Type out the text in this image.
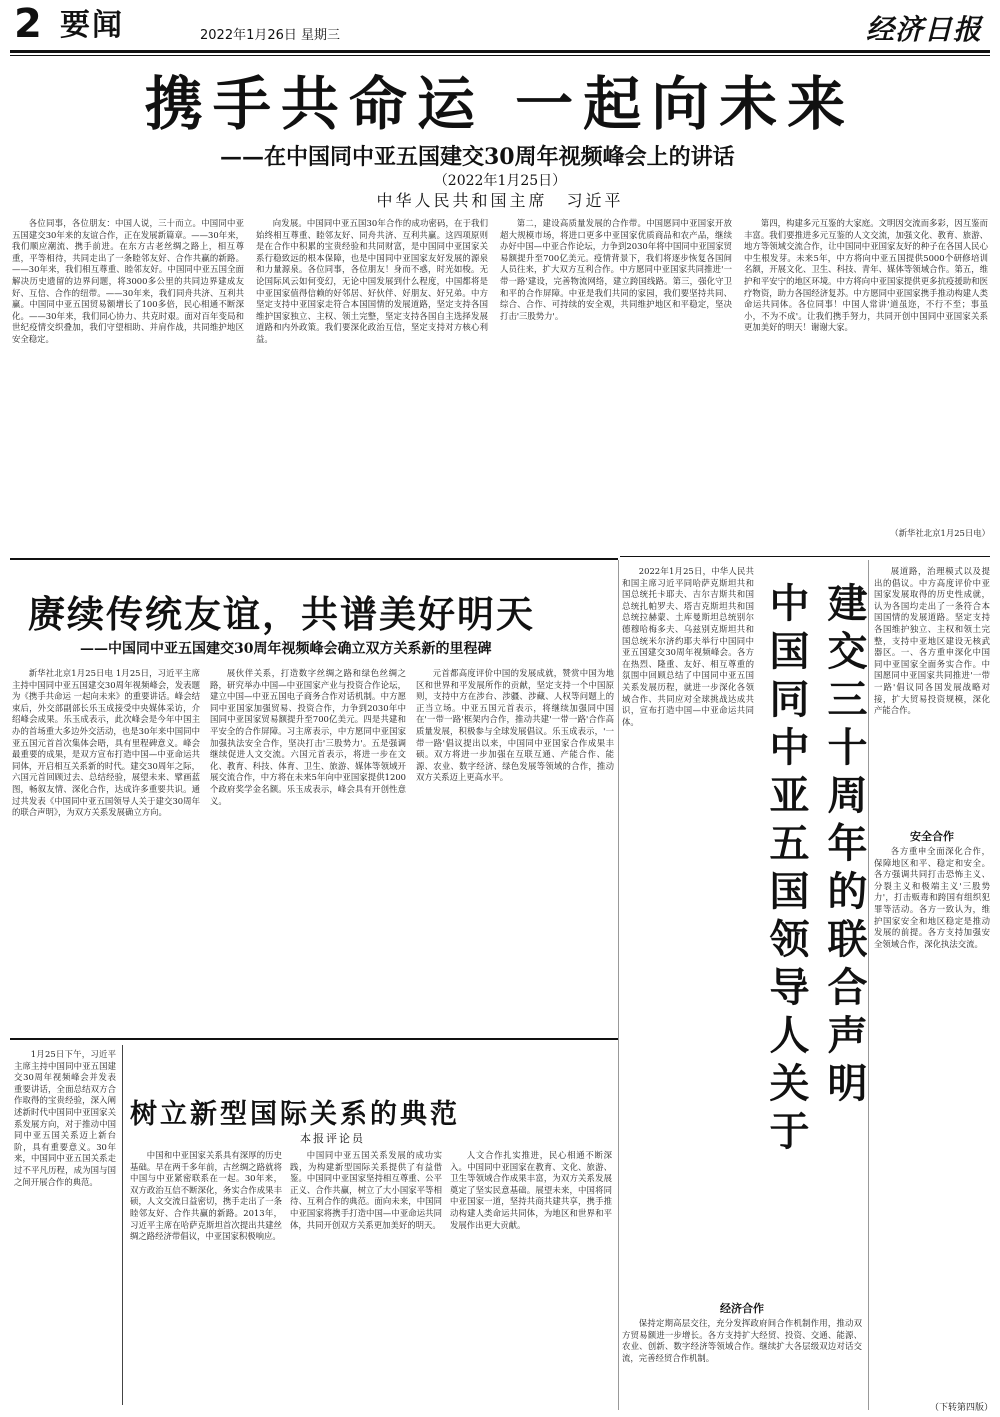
2 要闻	2022年1月26日 星期三	经济日报
携手共命运 一起向未来
——在中国同中亚五国建交30周年视频峰会上的讲话
（2022年1月25日）
中华人民共和国主席　习近平

各位同事，各位朋友：中国人说，三十而立。中国同中亚五国建交30年来的友谊合作，正在发展新篇章。——30年来，我们顺应潮流、携手前进。在东方古老丝绸之路上，相互尊重，平等相待，共同走出了一条睦邻友好、合作共赢的新路。——30年来，我们相互尊重、睦邻友好。中国同中亚五国全面解决历史遗留的边界问题，将3000多公里的共同边界建成友好、互信、合作的纽带。——30年来，我们同舟共济、互利共赢。中国同中亚五国贸易额增长了100多倍，民心相通不断深化。——30年来，我们同心协力、共克时艰。面对百年变局和世纪疫情交织叠加，我们守望相助、并肩作战，共同维护地区安全稳定。

向发展。中国同中亚五国30年合作的成功密码，在于我们始终相互尊重、睦邻友好、同舟共济、互利共赢。这四项原则是在合作中积累的宝贵经验和共同财富，是中国同中亚国家关系行稳致远的根本保障，也是中国同中亚国家友好发展的源泉和力量源泉。各位同事，各位朋友！身而不惑，时光如梭。无论国际风云如何变幻，无论中国发展到什么程度，中国都将是中亚国家值得信赖的好邻居、好伙伴、好朋友、好兄弟。中方坚定支持中亚国家走符合本国国情的发展道路，坚定支持各国维护国家独立、主权、领土完整，坚定支持各国自主选择发展道路和内外政策。我们要深化政治互信，坚定支持对方核心利益。

第二，建设高质量发展的合作带。中国愿同中亚国家开放超大规模市场，将进口更多中亚国家优质商品和农产品，继续办好中国—中亚合作论坛，力争到2030年将中国同中亚国家贸易额提升至700亿美元。疫情背景下，我们将逐步恢复各国间人员往来，扩大双方互利合作。中方愿同中亚国家共同推进'一带一路'建设，完善物流网络，建立跨国线路。第三，强化守卫和平的合作屏障。中亚是我们共同的家园，我们要坚持共同、综合、合作、可持续的安全观，共同维护地区和平稳定，坚决打击'三股势力'。

第四，构建多元互鉴的大家庭。文明因交流而多彩，因互鉴而丰富。我们要推进多元互鉴的人文交流，加强文化、教育、旅游、地方等领域交流合作，让中国同中亚国家友好的种子在各国人民心中生根发芽。未来5年，中方将向中亚五国提供5000个研修培训名额，开展文化、卫生、科技、青年、媒体等领域合作。第五，维护和平安宁的地区环境。中方将向中亚国家提供更多抗疫援助和医疗物资，助力各国经济复苏。中方愿同中亚国家携手推动构建人类命运共同体。各位同事！中国人常讲'道虽迩，不行不至；事虽小，不为不成'。让我们携手努力，共同开创中国同中亚国家关系更加美好的明天！谢谢大家。

（新华社北京1月25日电）
赓续传统友谊，共谱美好明天
——中国同中亚五国建交30周年视频峰会确立双方关系新的里程碑

新华社北京1月25日电 1月25日，习近平主席主持中国同中亚五国建交30周年视频峰会，发表题为《携手共命运 一起向未来》的重要讲话。峰会结束后，外交部副部长乐玉成接受中央媒体采访，介绍峰会成果。乐玉成表示，此次峰会是今年中国主办的首场重大多边外交活动，也是30年来中国同中亚五国元首首次集体会晤，具有里程碑意义。峰会最重要的成果，是双方宣布打造中国—中亚命运共同体，开启相互关系新的时代。建交30周年之际，六国元首回顾过去、总结经验，展望未来、擘画蓝图，畅叙友情、深化合作，达成许多重要共识。通过共发表《中国同中亚五国领导人关于建交30周年的联合声明》，为双方关系发展确立方向。

展伙伴关系，打造数字丝绸之路和绿色丝绸之路，研究举办中国—中亚国家产业与投资合作论坛，建立中国—中亚五国电子商务合作对话机制。中方愿同中亚国家加强贸易、投资合作，力争到2030年中国同中亚国家贸易额提升至700亿美元。四是共建和平安全的合作屏障。习主席表示，中方愿同中亚国家加强执法安全合作，坚决打击'三股势力'。五是强调继续促进人文交流。六国元首表示，将进一步在文化、教育、科技、体育、卫生、旅游、媒体等领域开展交流合作，中方将在未来5年向中亚国家提供1200个政府奖学金名额。乐玉成表示，峰会具有开创性意义。

元首都高度评价中国的发展成就，赞赏中国为地区和世界和平发展所作的贡献，坚定支持一个中国原则，支持中方在涉台、涉疆、涉藏、人权等问题上的正当立场。中亚五国元首表示，将继续加强同中国在'一带一路'框架内合作，推动共建'一带一路'合作高质量发展，积极参与全球发展倡议。乐玉成表示，'一带一路'倡议提出以来，中国同中亚国家合作成果丰硕。双方将进一步加强在互联互通、产能合作、能源、农业、数字经济、绿色发展等领域的合作，推动双方关系迈上更高水平。

2022年1月25日，中华人民共和国主席习近平同哈萨克斯坦共和国总统托卡耶夫、吉尔吉斯共和国总统扎帕罗夫、塔吉克斯坦共和国总统拉赫蒙、土库曼斯坦总统别尔德穆哈梅多夫、乌兹别克斯坦共和国总统米尔济约耶夫举行中国同中亚五国建交30周年视频峰会。各方在热烈、隆重、友好、相互尊重的氛围中回顾总结了中国同中亚五国关系发展历程，就进一步深化各领域合作、共同应对全球挑战达成共识，宣布打造中国—中亚命运共同体。	中国同中亚五国领导人关于 建交三十周年的联合声明

展道路，治理模式以及提出的倡议。中方高度评价中亚国家发展取得的历史性成就，认为各国均走出了一条符合本国国情的发展道路。坚定支持各国维护独立、主权和领土完整，支持中亚地区建设无核武器区。一、各方重申深化中国同中亚国家全面务实合作。中国愿同中亚国家共同推进'一带一路'倡议同各国发展战略对接，扩大贸易投资规模，深化产能合作。

安全合作

各方重申全面深化合作，保障地区和平、稳定和安全。各方强调共同打击恐怖主义、分裂主义和极端主义'三股势力'，打击贩毒和跨国有组织犯罪等活动。各方一致认为，维护国家安全和地区稳定是推动发展的前提。各方支持加强安全领域合作，深化执法交流。

经济合作

保持定期高层交往，充分发挥政府间合作机制作用，推动双方贸易额进一步增长。各方支持扩大经贸、投资、交通、能源、农业、创新、数字经济等领域合作。继续扩大各层级双边对话交流，完善经贸合作机制。

（下转第四版）

1月25日下午，习近平主席主持中国同中亚五国建交30周年视频峰会并发表重要讲话，全面总结双方合作取得的宝贵经验，深入阐述新时代中国同中亚国家关系发展方向，对于推动中国同中亚五国关系迈上新台阶，具有重要意义。30年来，中国同中亚五国关系走过不平凡历程，成为国与国之间开展合作的典范。

树立新型国际关系的典范
本报评论员

中国和中亚国家关系具有深厚的历史基础。早在两千多年前，古丝绸之路就将中国与中亚紧密联系在一起。30年来，双方政治互信不断深化，务实合作成果丰硕，人文交流日益密切，携手走出了一条睦邻友好、合作共赢的新路。2013年，习近平主席在哈萨克斯坦首次提出共建丝绸之路经济带倡议，中亚国家积极响应。

中国同中亚五国关系发展的成功实践，为构建新型国际关系提供了有益借鉴。中国同中亚国家坚持相互尊重、公平正义、合作共赢，树立了大小国家平等相待、互利合作的典范。面向未来，中国同中亚国家将携手打造中国—中亚命运共同体，共同开创双方关系更加美好的明天。

人文合作扎实推进，民心相通不断深入。中国同中亚国家在教育、文化、旅游、卫生等领域合作成果丰富，为双方关系发展奠定了坚实民意基础。展望未来，中国将同中亚国家一道，坚持共商共建共享，携手推动构建人类命运共同体，为地区和世界和平发展作出更大贡献。
